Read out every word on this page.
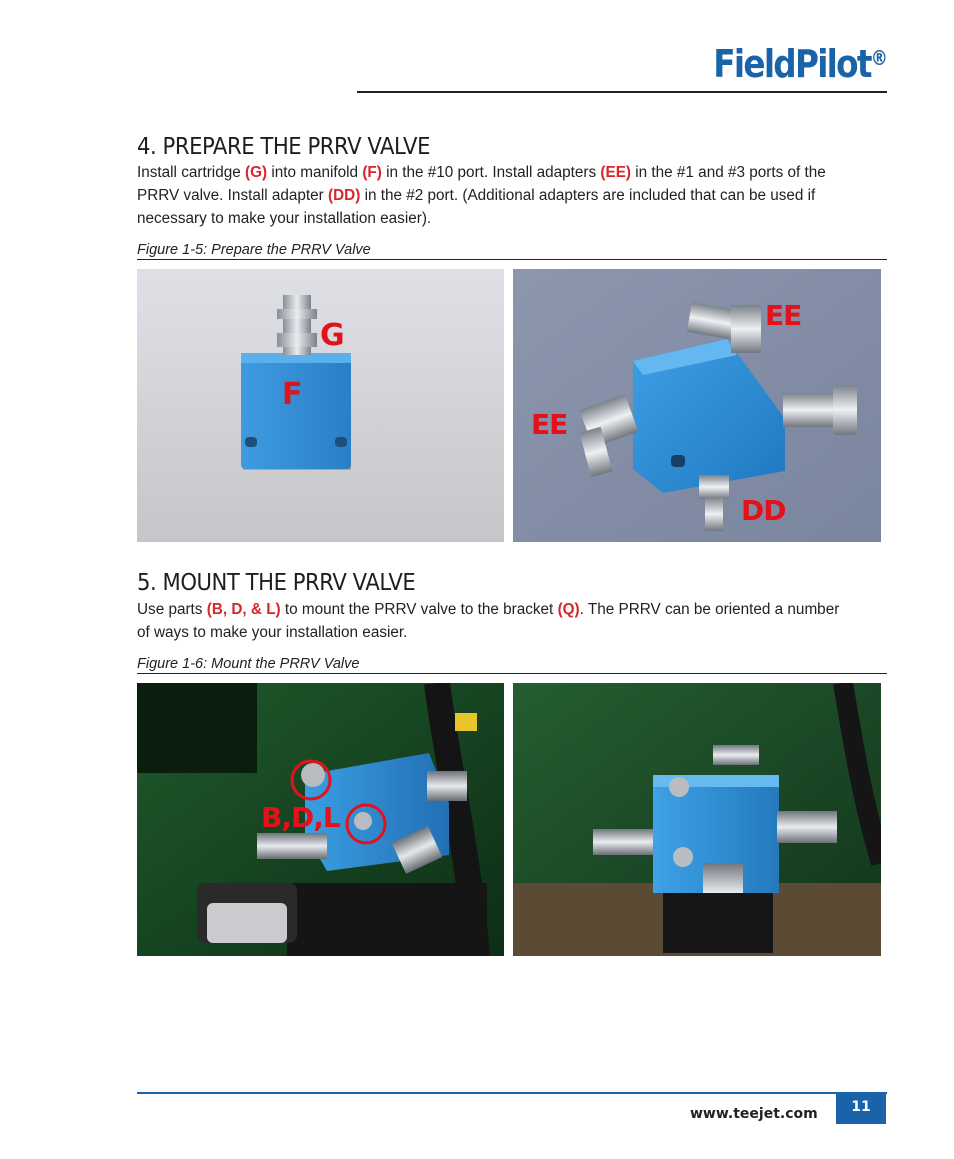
FieldPilot®
4. PREPARE THE PRRV VALVE

Install cartridge (G) into manifold (F) in the #10 port. Install adapters (EE) in the #1 and #3 ports of the
PRRV valve. Install adapter (DD) in the #2 port. (Additional adapters are included that can be used if
necessary to make your installation easier).

Figure 1-5: Prepare the PRRV Valve
G
F
EE
EE
DD
5. MOUNT THE PRRV VALVE

Use parts (B, D, & L) to mount the PRRV valve to the bracket (Q). The PRRV can be oriented a number
of ways to make your installation easier.

Figure 1-6: Mount the PRRV Valve
B,D,L
www.teejet.com	11
